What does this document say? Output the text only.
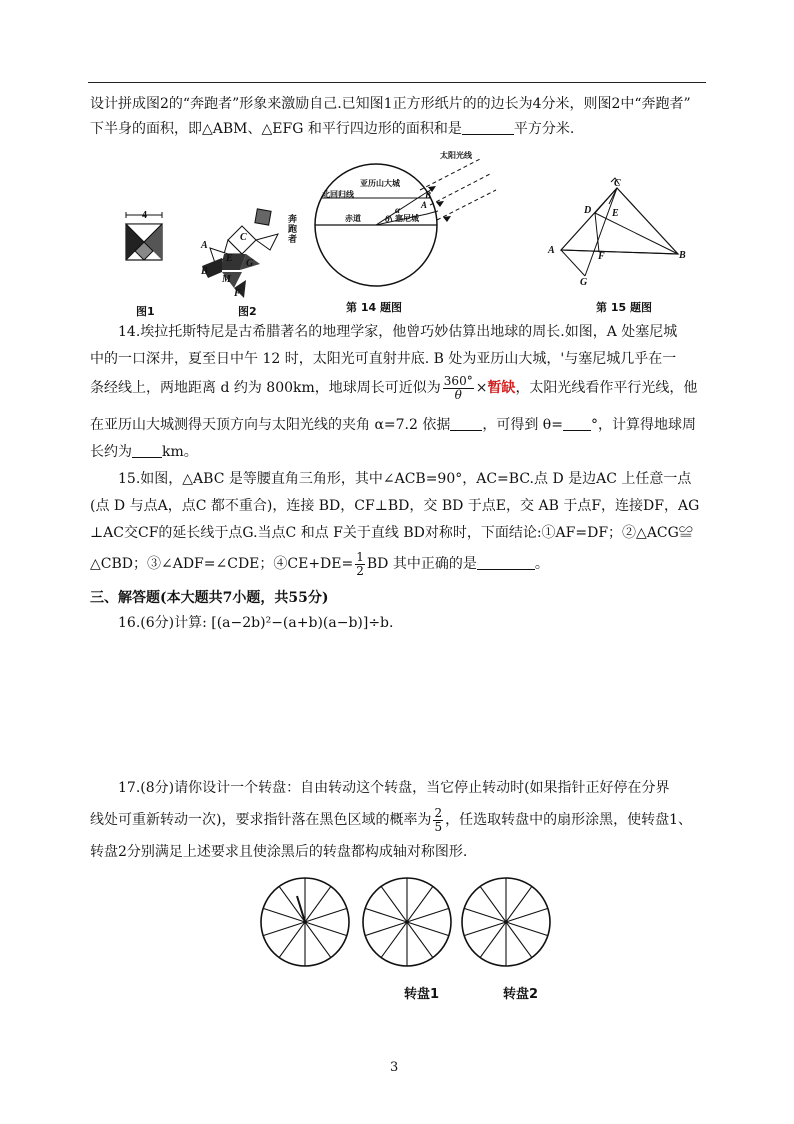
设计拼成图2的“奔跑者”形象来激励自己.已知图1正方形纸片的的边长为4分米，则图2中“奔跑者”
下半身的面积，即△ABM、△EFG 和平行四边形的面积和是	平方分米.
4
图1
A
B
C
E
F
M
G
奔跑者
图2
太阳光线
亚历山大城
北回归线
赤道	塞尼城
A
B
α
θ
第 14 题图
C
D E
A	B
F
G
第 15 题图
14.埃拉托斯特尼是古希腊著名的地理学家，他曾巧妙估算出地球的周长.如图，A 处塞尼城
中的一口深井，夏至日中午 12 时，太阳光可直射井底. B 处为亚历山大城，'与塞尼城几乎在一
条经线上，两地距离 d 约为 800km，地球周长可近似为 $\frac{360^\circ}{\theta}$ ×暂缺，太阳光线看作平行光线，他
在亚历山大城测得天顶方向与太阳光线的夹角 α=7.2 依据 ，可得到 θ= °，计算得地球周
长约为 km。
15.如图，△ABC 是等腰直角三角形，其中∠ACB=90°，AC=BC.点 D 是边AC 上任意一点
(点 D 与点A，点C 都不重合)，连接 BD，CF⊥BD，交 BD 于点E，交 AB 于点F，连接DF，AG
⊥AC交CF的延长线于点G.当点C 和点 F关于直线 BD对称时，下面结论:①AF=DF；②△ACG≌
△CBD；③∠ADF=∠CDE；④CE+DE= $\frac{1}{2}$ BD 其中正确的是	。
三、解答题(本大题共7小题，共55分)
16.(6分)计算: [(a−2b)²−(a+b)(a−b)]÷b.
17.(8分)请你设计一个转盘：自由转动这个转盘，当它停止转动时(如果指针正好停在分界
线处可重新转动一次)，要求指针落在黑色区域的概率为 $\frac{2}{5}$ ，任选取转盘中的扇形涂黑，使转盘1、
转盘2分别满足上述要求且使涂黑后的转盘都构成轴对称图形.
转盘1	转盘2
3
